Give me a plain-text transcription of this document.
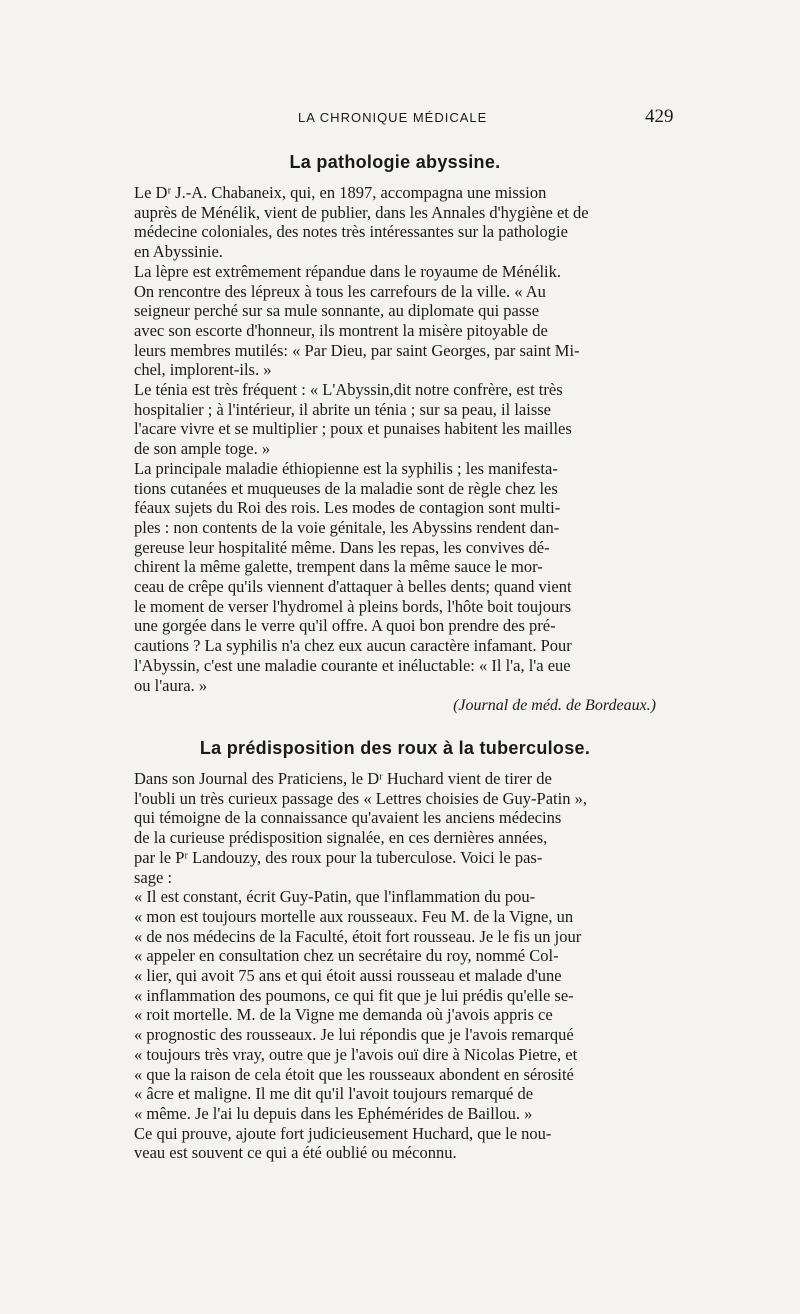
LA CHRONIQUE MÉDICALE	429
La pathologie abyssine.

Le Dʳ J.-A. Chabaneix, qui, en 1897, accompagna une mission
auprès de Ménélik, vient de publier, dans les Annales d'hygiène et de
médecine coloniales, des notes très intéressantes sur la pathologie
en Abyssinie.
La lèpre est extrêmement répandue dans le royaume de Ménélik.
On rencontre des lépreux à tous les carrefours de la ville. « Au
seigneur perché sur sa mule sonnante, au diplomate qui passe
avec son escorte d'honneur, ils montrent la misère pitoyable de
leurs membres mutilés: « Par Dieu, par saint Georges, par saint Mi-
chel, implorent-ils. »
Le ténia est très fréquent : « L'Abyssin,dit notre confrère, est très
hospitalier ; à l'intérieur, il abrite un ténia ; sur sa peau, il laisse
l'acare vivre et se multiplier ; poux et punaises habitent les mailles
de son ample toge. »
La principale maladie éthiopienne est la syphilis ; les manifesta-
tions cutanées et muqueuses de la maladie sont de règle chez les
féaux sujets du Roi des rois. Les modes de contagion sont multi-
ples : non contents de la voie génitale, les Abyssins rendent dan-
gereuse leur hospitalité même. Dans les repas, les convives dé-
chirent la même galette, trempent dans la même sauce le mor-
ceau de crêpe qu'ils viennent d'attaquer à belles dents; quand vient
le moment de verser l'hydromel à pleins bords, l'hôte boit toujours
une gorgée dans le verre qu'il offre. A quoi bon prendre des pré-
cautions ? La syphilis n'a chez eux aucun caractère infamant. Pour
l'Abyssin, c'est une maladie courante et inéluctable: « Il l'a, l'a eue
ou l'aura. »

(Journal de méd. de Bordeaux.)

La prédisposition des roux à la tuberculose.

Dans son Journal des Praticiens, le Dʳ Huchard vient de tirer de
l'oubli un très curieux passage des « Lettres choisies de Guy-Patin »,
qui témoigne de la connaissance qu'avaient les anciens médecins
de la curieuse prédisposition signalée, en ces dernières années,
par le Pʳ Landouzy, des roux pour la tuberculose. Voici le pas-
sage :
« Il est constant, écrit Guy-Patin, que l'inflammation du pou-
« mon est toujours mortelle aux rousseaux. Feu M. de la Vigne, un
« de nos médecins de la Faculté, étoit fort rousseau. Je le fis un jour
« appeler en consultation chez un secrétaire du roy, nommé Col-
« lier, qui avoit 75 ans et qui étoit aussi rousseau et malade d'une
« inflammation des poumons, ce qui fit que je lui prédis qu'elle se-
« roit mortelle. M. de la Vigne me demanda où j'avois appris ce
« prognostic des rousseaux. Je lui répondis que je l'avois remarqué
« toujours très vray, outre que je l'avois ouï dire à Nicolas Pietre, et
« que la raison de cela étoit que les rousseaux abondent en sérosité
« âcre et maligne. Il me dit qu'il l'avoit toujours remarqué de
« même. Je l'ai lu depuis dans les Ephémérides de Baillou. »
Ce qui prouve, ajoute fort judicieusement Huchard, que le nou-
veau est souvent ce qui a été oublié ou méconnu.
